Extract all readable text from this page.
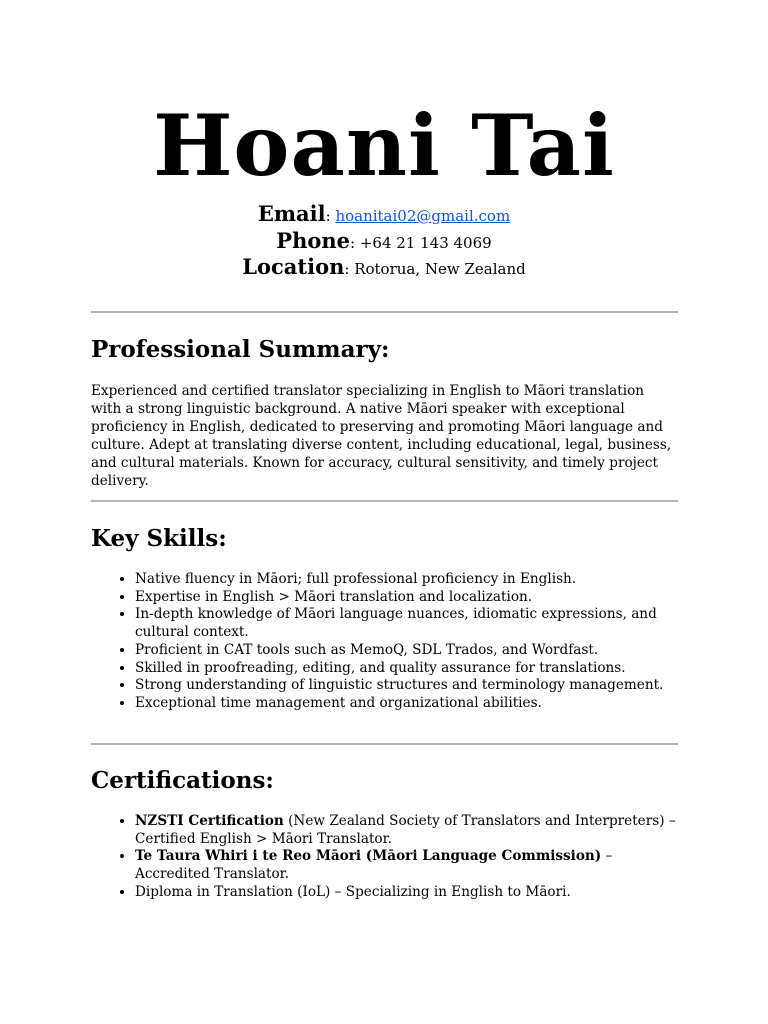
Hoani Tai
Email: hoanitai02@gmail.com
Phone: +64 21 143 4069
Location: Rotorua, New Zealand
Professional Summary:

Experienced and certified translator specializing in English to Māori translation with a strong linguistic background. A native Māori speaker with exceptional proficiency in English, dedicated to preserving and promoting Māori language and culture. Adept at translating diverse content, including educational, legal, business, and cultural materials. Known for accuracy, cultural sensitivity, and timely project delivery.

Key Skills:
• Native fluency in Māori; full professional proficiency in English.
• Expertise in English > Māori translation and localization.
• In-depth knowledge of Māori language nuances, idiomatic expressions, and cultural context.
• Proficient in CAT tools such as MemoQ, SDL Trados, and Wordfast.
• Skilled in proofreading, editing, and quality assurance for translations.
• Strong understanding of linguistic structures and terminology management.
• Exceptional time management and organizational abilities.
Certifications:
• NZSTI Certification (New Zealand Society of Translators and Interpreters) – Certified English > Māori Translator.
• Te Taura Whiri i te Reo Māori (Māori Language Commission) – Accredited Translator.
• Diploma in Translation (IoL) – Specializing in English to Māori.
